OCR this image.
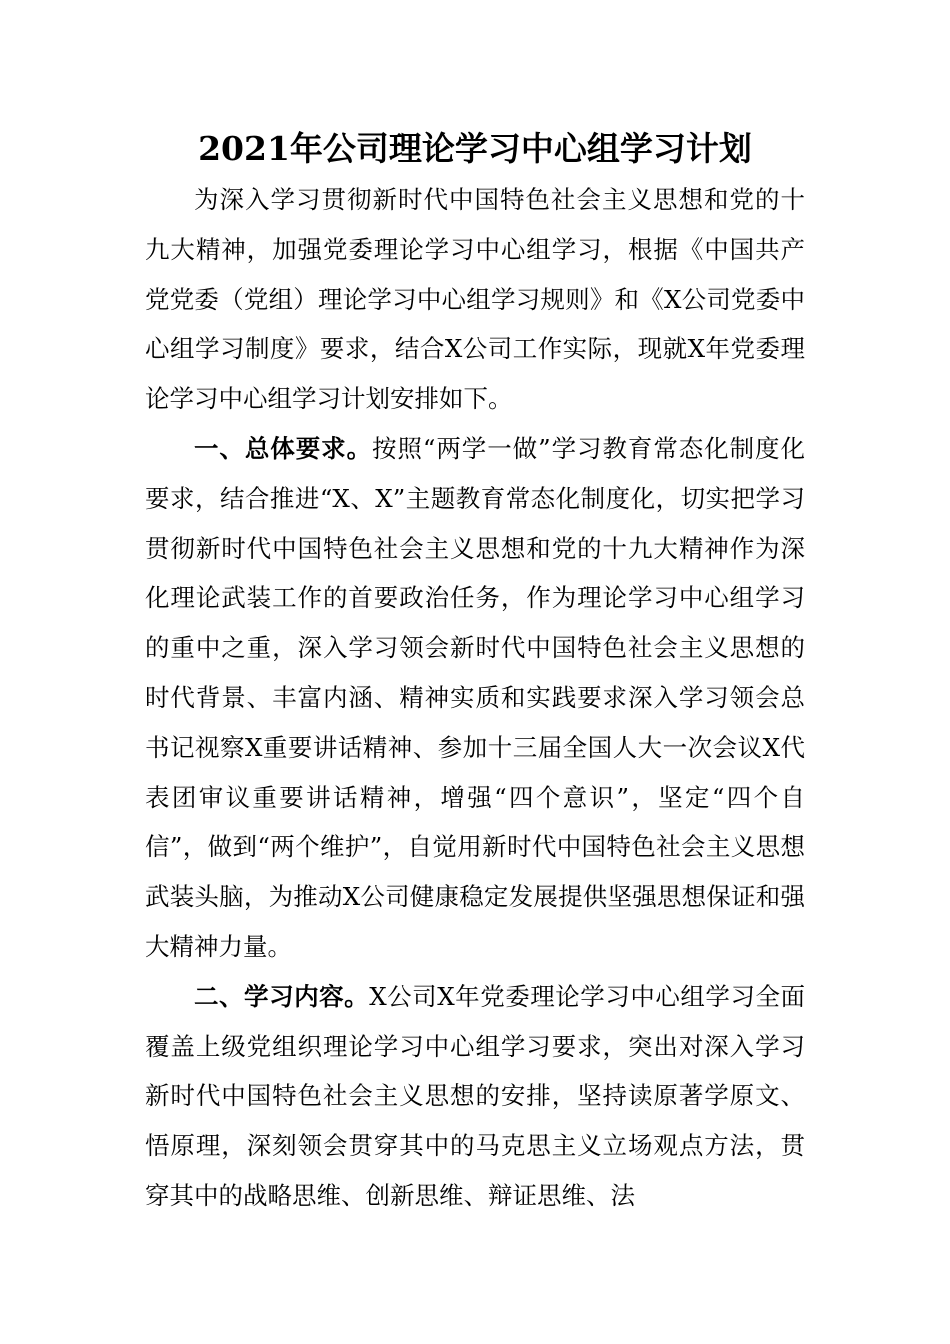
2021年公司理论学习中心组学习计划

为深入学习贯彻新时代中国特色社会主义思想和党的十九大精神，加强党委理论学习中心组学习，根据《中国共产党党委（党组）理论学习中心组学习规则》和《X公司党委中心组学习制度》要求，结合X公司工作实际，现就X年党委理论学习中心组学习计划安排如下。

一、总体要求。按照“两学一做”学习教育常态化制度化要求，结合推进“X、X”主题教育常态化制度化，切实把学习贯彻新时代中国特色社会主义思想和党的十九大精神作为深化理论武装工作的首要政治任务，作为理论学习中心组学习的重中之重，深入学习领会新时代中国特色社会主义思想的时代背景、丰富内涵、精神实质和实践要求深入学习领会总书记视察X重要讲话精神、参加十三届全国人大一次会议X代表团审议重要讲话精神，增强“四个意识”，坚定“四个自信”，做到“两个维护”，自觉用新时代中国特色社会主义思想武装头脑，为推动X公司健康稳定发展提供坚强思想保证和强大精神力量。

二、学习内容。X公司X年党委理论学习中心组学习全面覆盖上级党组织理论学习中心组学习要求，突出对深入学习新时代中国特色社会主义思想的安排，坚持读原著学原文、悟原理，深刻领会贯穿其中的马克思主义立场观点方法，贯穿其中的战略思维、创新思维、辩证思维、法
